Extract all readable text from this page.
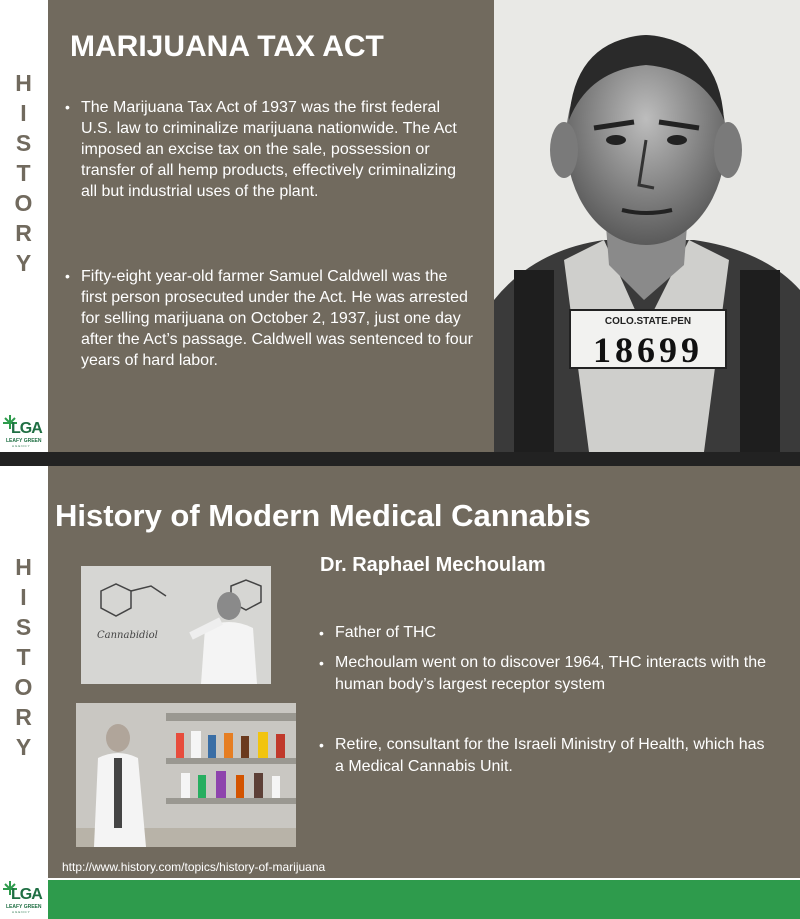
H
I
S
T
O
R
Y
LGA
LEAFY GREEN
AGENCY
MARIJUANA TAX ACT
• The Marijuana Tax Act of 1937 was the first federal U.S. law to criminalize marijuana nationwide. The Act imposed an excise tax on the sale, possession or transfer of all hemp products, effectively criminalizing all but industrial uses of the plant.
• Fifty-eight year-old farmer Samuel Caldwell was the first person prosecuted under the Act. He was arrested for selling marijuana on October 2, 1937, just one day after the Act’s passage. Caldwell was sentenced to four years of hard labor.
COLO.STATE.PEN
18699
H
I
S
T
O
R
Y
History of Modern Medical Cannabis
Dr. Raphael Mechoulam
Cannabidiol	• Father of THC
• Mechoulam went on to discover 1964, THC interacts with the human body’s largest receptor system
• Retire, consultant for the Israeli Ministry of Health, which has a Medical Cannabis Unit.
http://www.history.com/topics/history-of-marijuana
LGA
LEAFY GREEN
AGENCY
